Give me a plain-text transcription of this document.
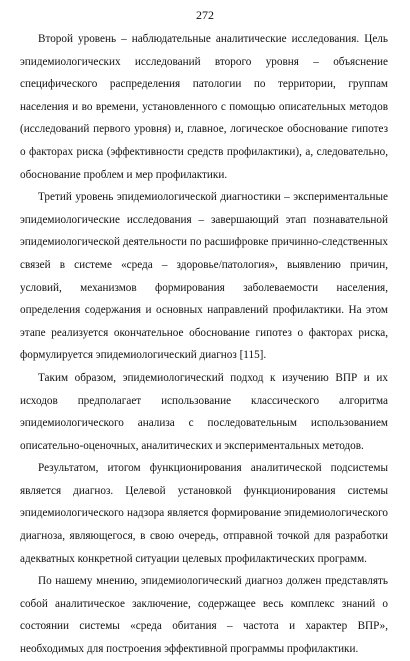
272

Второй уровень – наблюдательные аналитические исследования. Цель эпидемиологических исследований второго уровня – объяснение специфического распределения патологии по территории, группам населения и во времени, установленного с помощью описательных методов (исследований первого уровня) и, главное, логическое обоснование гипотез о факторах риска (эффективности средств профилактики), а, следовательно, обоснование проблем и мер профилактики.

Третий уровень эпидемиологической диагностики – экспериментальные эпидемиологические исследования – завершающий этап познавательной эпидемиологической деятельности по расшифровке причинно-следственных связей в системе «среда – здоровье/патология», выявлению причин, условий, механизмов формирования заболеваемости населения, определения содержания и основных направлений профилактики. На этом этапе реализуется окончательное обоснование гипотез о факторах риска, формулируется эпидемиологический диагноз [115].

Таким образом, эпидемиологический подход к изучению ВПР и их исходов предполагает использование классического алгоритма эпидемиологического анализа с последовательным использованием описательно-оценочных, аналитических и экспериментальных методов.

Результатом, итогом функционирования аналитической подсистемы является диагноз. Целевой установкой функционирования системы эпидемиологического надзора является формирование эпидемиологического диагноза, являющегося, в свою очередь, отправной точкой для разработки адекватных конкретной ситуации целевых профилактических программ.

По нашему мнению, эпидемиологический диагноз должен представлять собой аналитическое заключение, содержащее весь комплекс знаний о состоянии системы «среда обитания – частота и характер ВПР», необходимых для построения эффективной программы профилактики.
